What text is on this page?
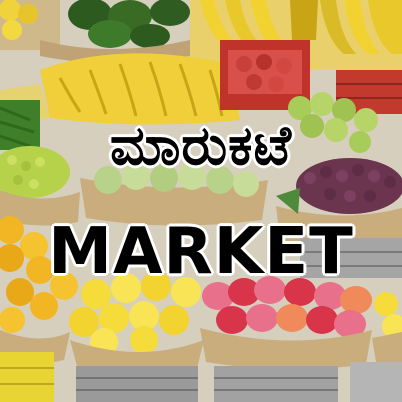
ಮಾರುಕಟೆ
MARKET
